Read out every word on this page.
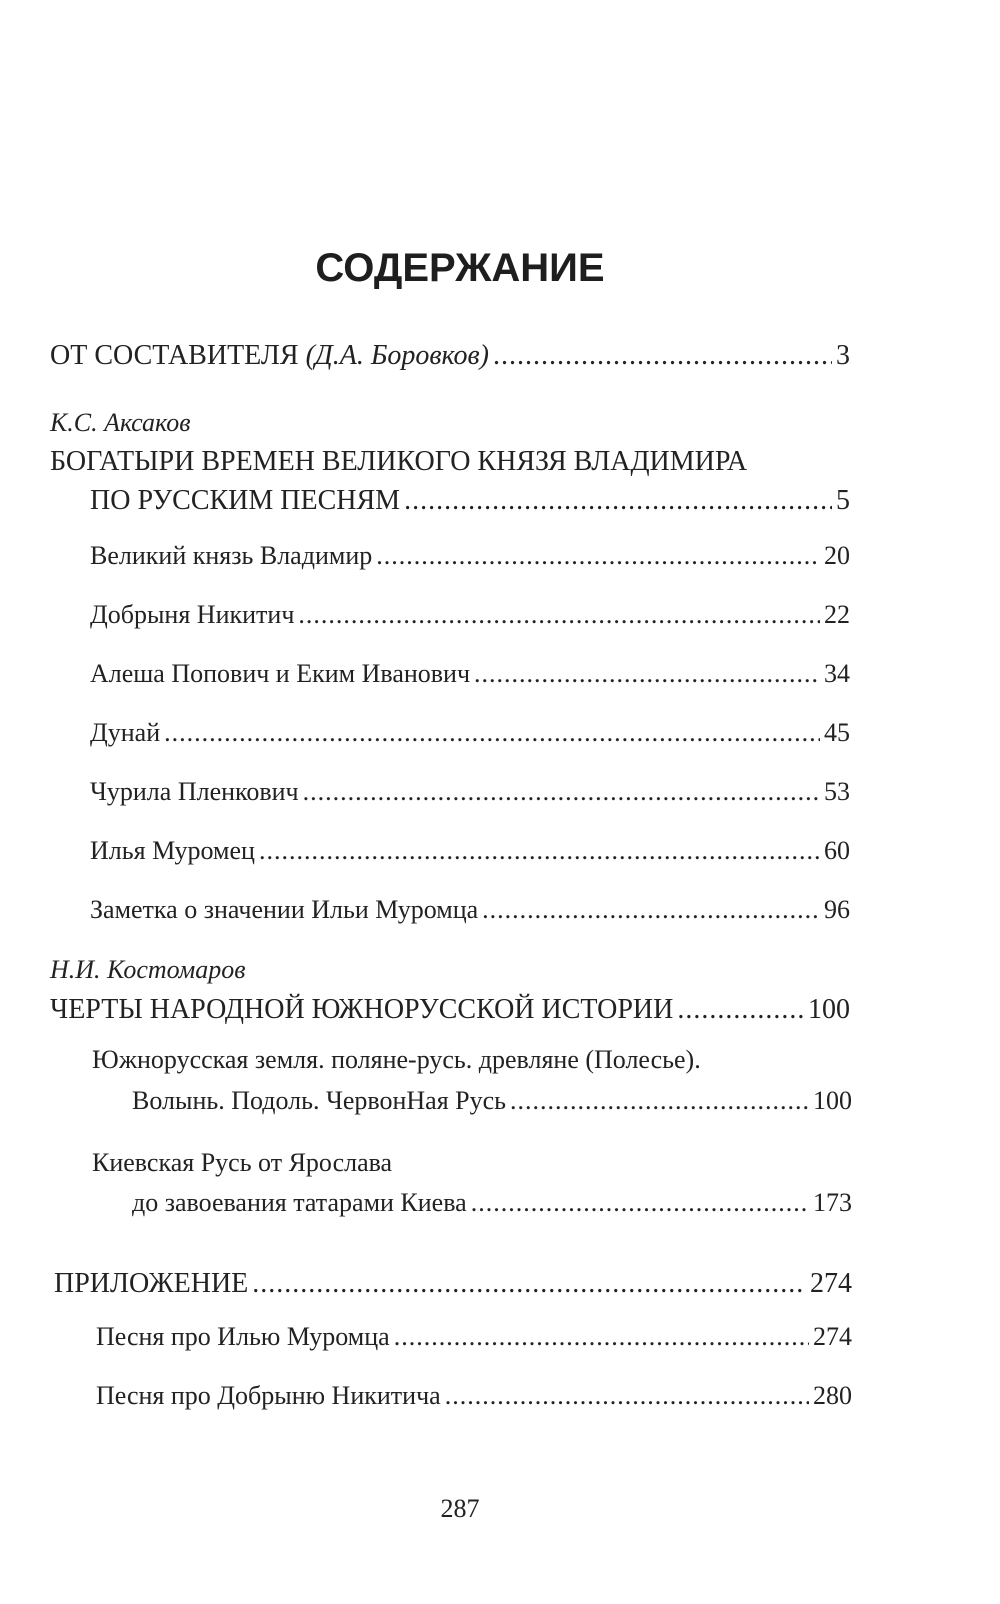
СОДЕРЖАНИЕ
ОТ СОСТАВИТЕЛЯ (Д.А. Боровков) .....	3
К.С. Аксаков
БОГАТЫРИ ВРЕМЕН ВЕЛИКОГО КНЯЗЯ ВЛАДИМИРА
ПО РУССКИМ ПЕСНЯМ .....	5
Великий князь Владимир .....	20
Добрыня Никитич .....	22
Алеша Попович и Еким Иванович .....	34
Дунай .....	45
Чурила Пленкович .....	53
Илья Муромец .....	60
Заметка о значении Ильи Муромца .....	96
Н.И. Костомаров
ЧЕРТЫ НАРОДНОЙ ЮЖНОРУССКОЙ ИСТОРИИ .....	100
Южнорусская земля. поляне-русь. древляне (Полесье).
Волынь. Подоль. ЧервонНая Русь .....	100
Киевская Русь от Ярослава
до завоевания татарами Киева .....	173
ПРИЛОЖЕНИЕ .....	274
Песня про Илью Муромца .....	274
Песня про Добрыню Никитича .....	280
287
